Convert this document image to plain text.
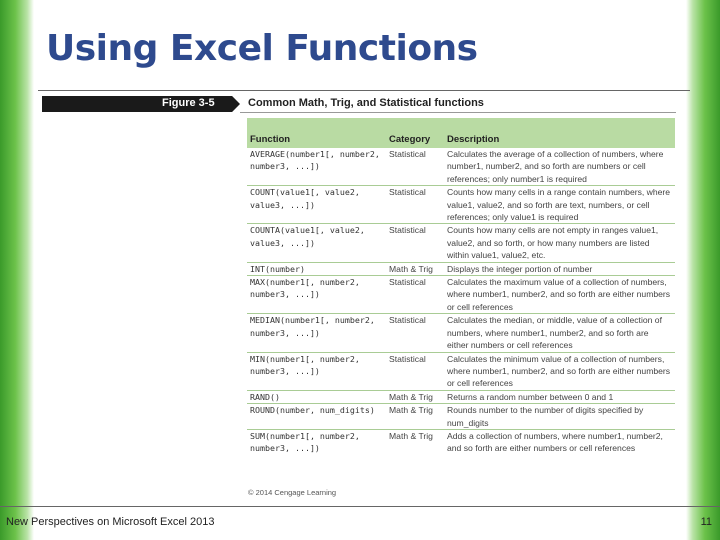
Using Excel Functions
Figure 3-5	Common Math, Trig, and Statistical functions
Function	Category	Description
AVERAGE(number1[, number2, number3, ...])	Statistical	Calculates the average of a collection of numbers, where number1, number2, and so forth are numbers or cell references; only number1 is required
COUNT(value1[, value2, value3, ...])	Statistical	Counts how many cells in a range contain numbers, where value1, value2, and so forth are text, numbers, or cell references; only value1 is required
COUNTA(value1[, value2, value3, ...])	Statistical	Counts how many cells are not empty in ranges value1, value2, and so forth, or how many numbers are listed within value1, value2, etc.
INT(number)	Math & Trig	Displays the integer portion of number
MAX(number1[, number2, number3, ...])	Statistical	Calculates the maximum value of a collection of numbers, where number1, number2, and so forth are either numbers or cell references
MEDIAN(number1[, number2, number3, ...])	Statistical	Calculates the median, or middle, value of a collection of numbers, where number1, number2, and so forth are either numbers or cell references
MIN(number1[, number2, number3, ...])	Statistical	Calculates the minimum value of a collection of numbers, where number1, number2, and so forth are either numbers or cell references
RAND()	Math & Trig	Returns a random number between 0 and 1
ROUND(number, num_digits)	Math & Trig	Rounds number to the number of digits specified by num_digits
SUM(number1[, number2, number3, ...])	Math & Trig	Adds a collection of numbers, where number1, number2, and so forth are either numbers or cell references
© 2014 Cengage Learning
New Perspectives on Microsoft Excel 2013	11
